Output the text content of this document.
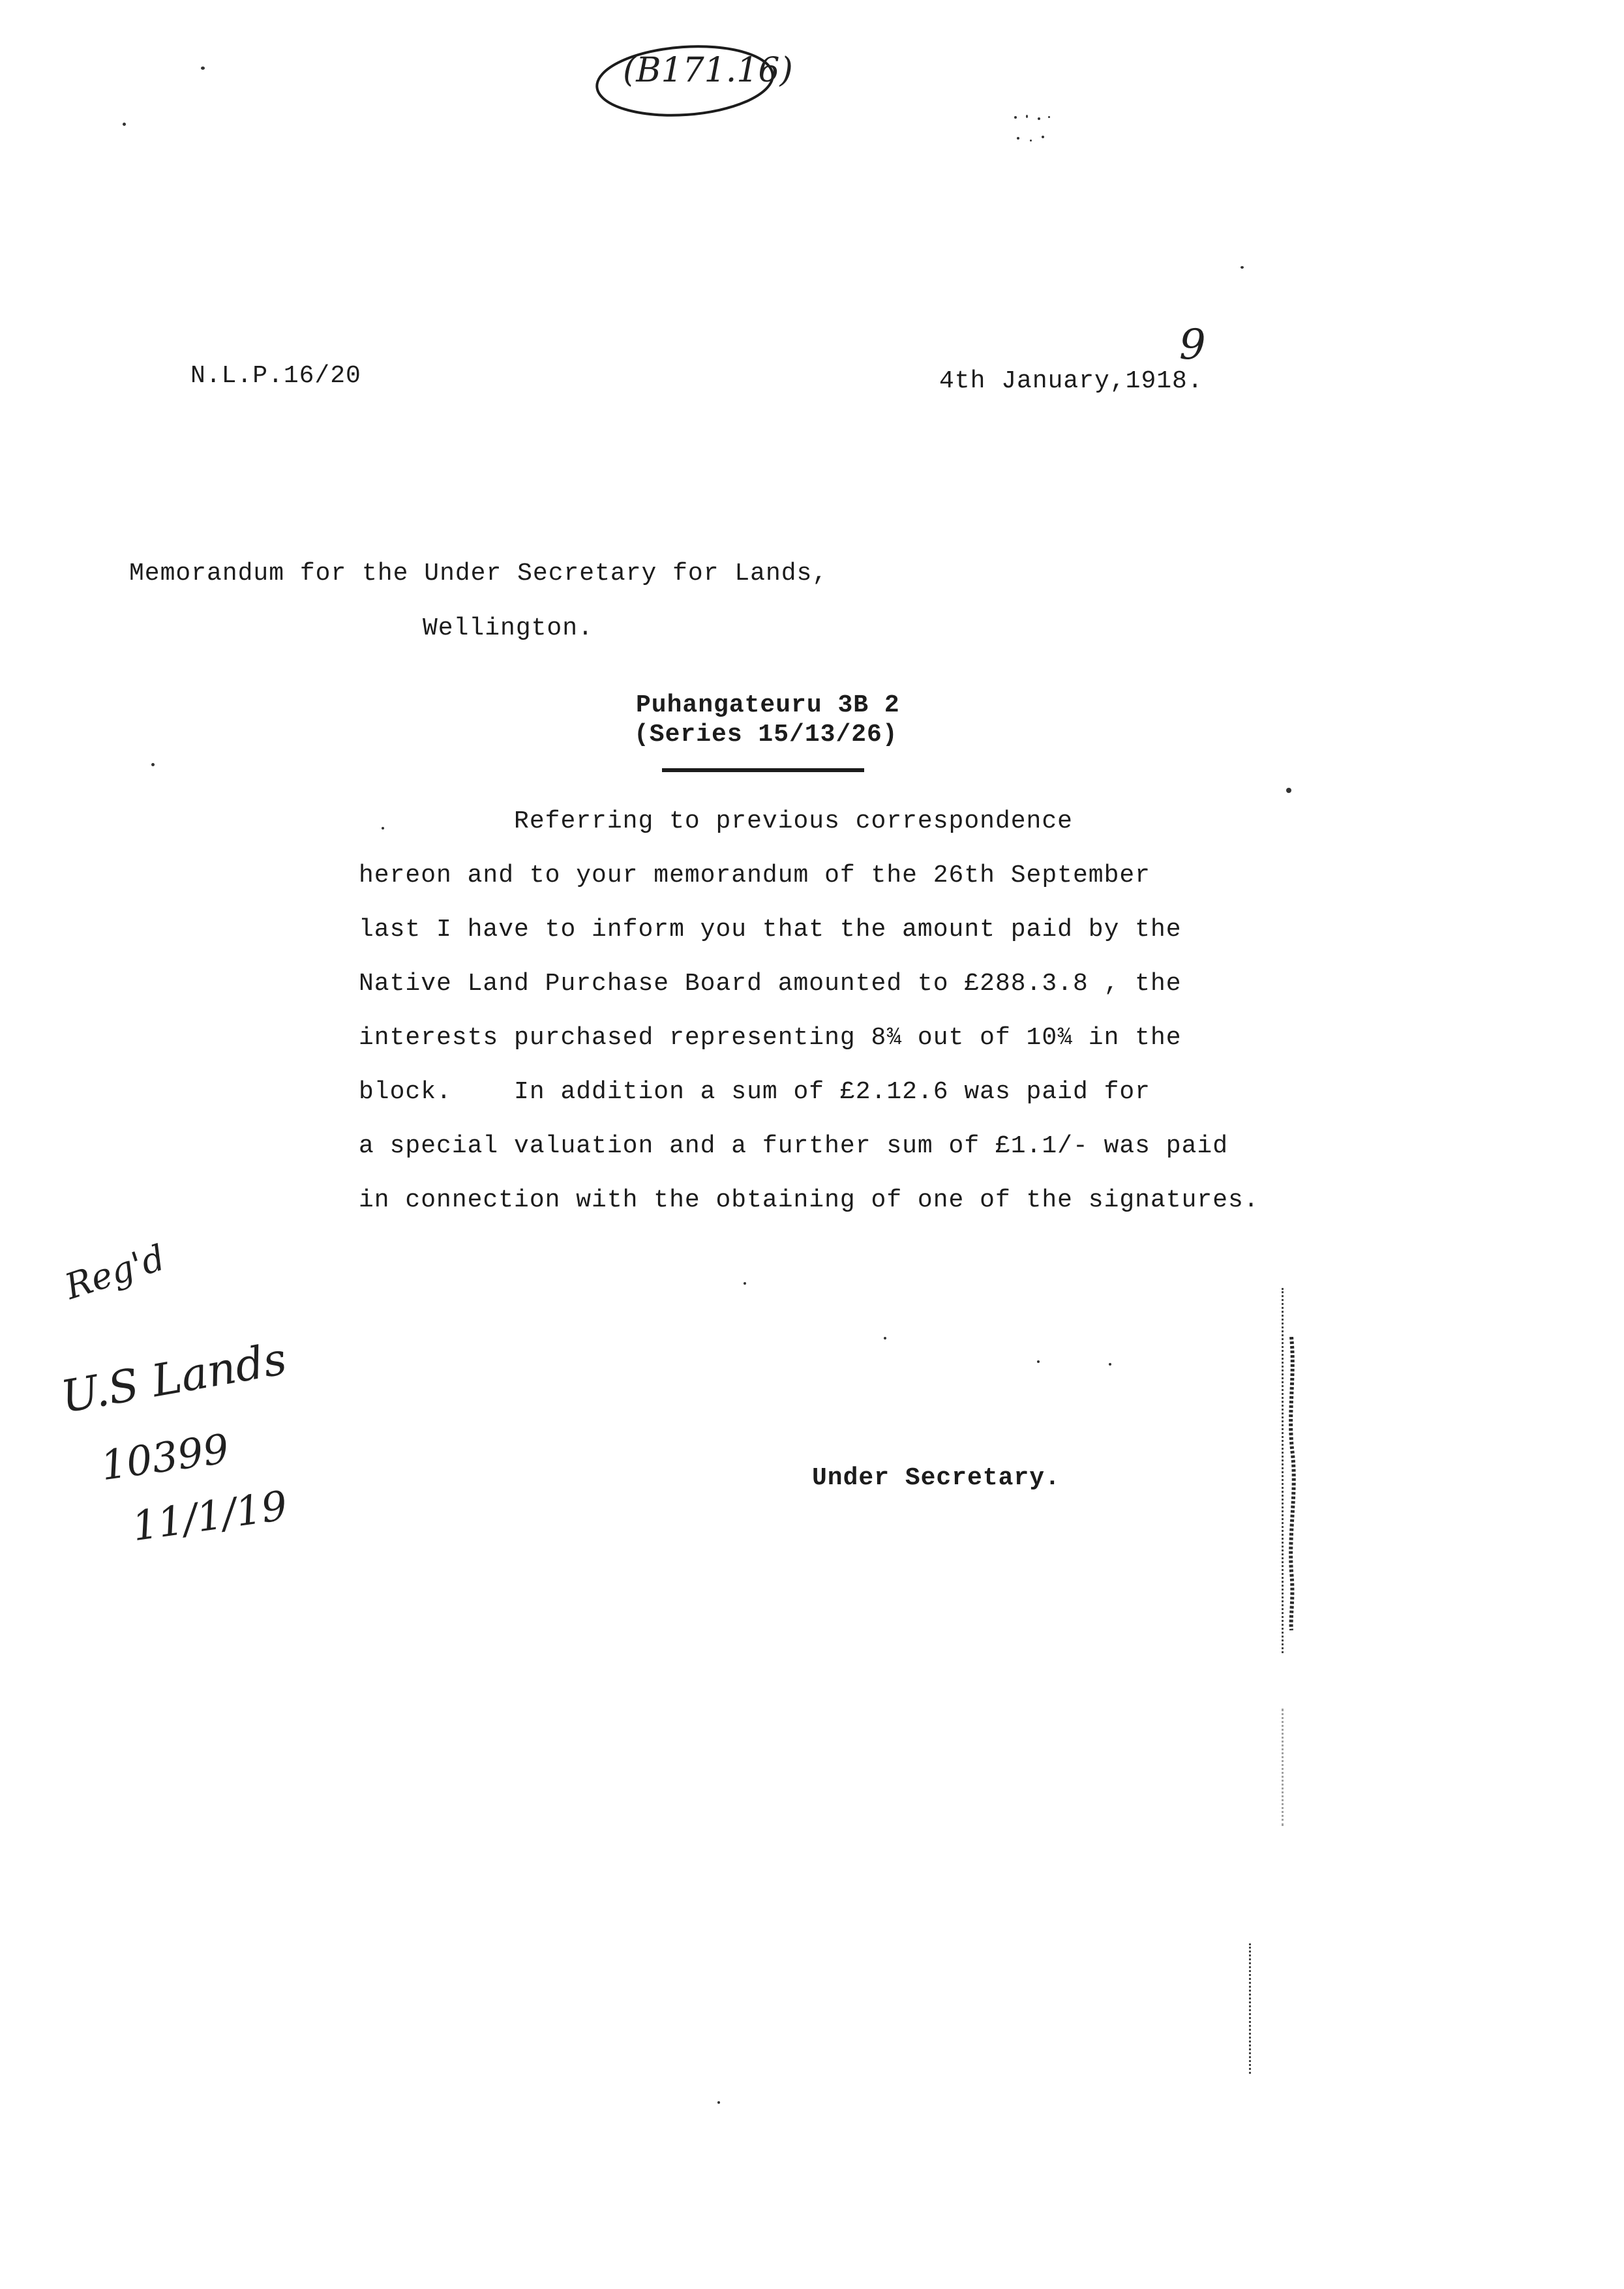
(B171.16)
N.L.P.16/20	4th January,1918.
9
Memorandum for the Under Secretary for Lands,
Wellington.
Puhangateuru 3B 2
(Series 15/13/26)
Referring to previous correspondence
hereon and to your memorandum of the 26th September
last I have to inform you that the amount paid by the
Native Land Purchase Board amounted to £288.3.8 , the
interests purchased representing 8¾ out of 10¾ in the
block.    In addition a sum of £2.12.6 was paid for
a special valuation and a further sum of £1.1/- was paid
in connection with the obtaining of one of the signatures.
Under Secretary.
Reg'd
U.S Lands
10399
11/1/19
